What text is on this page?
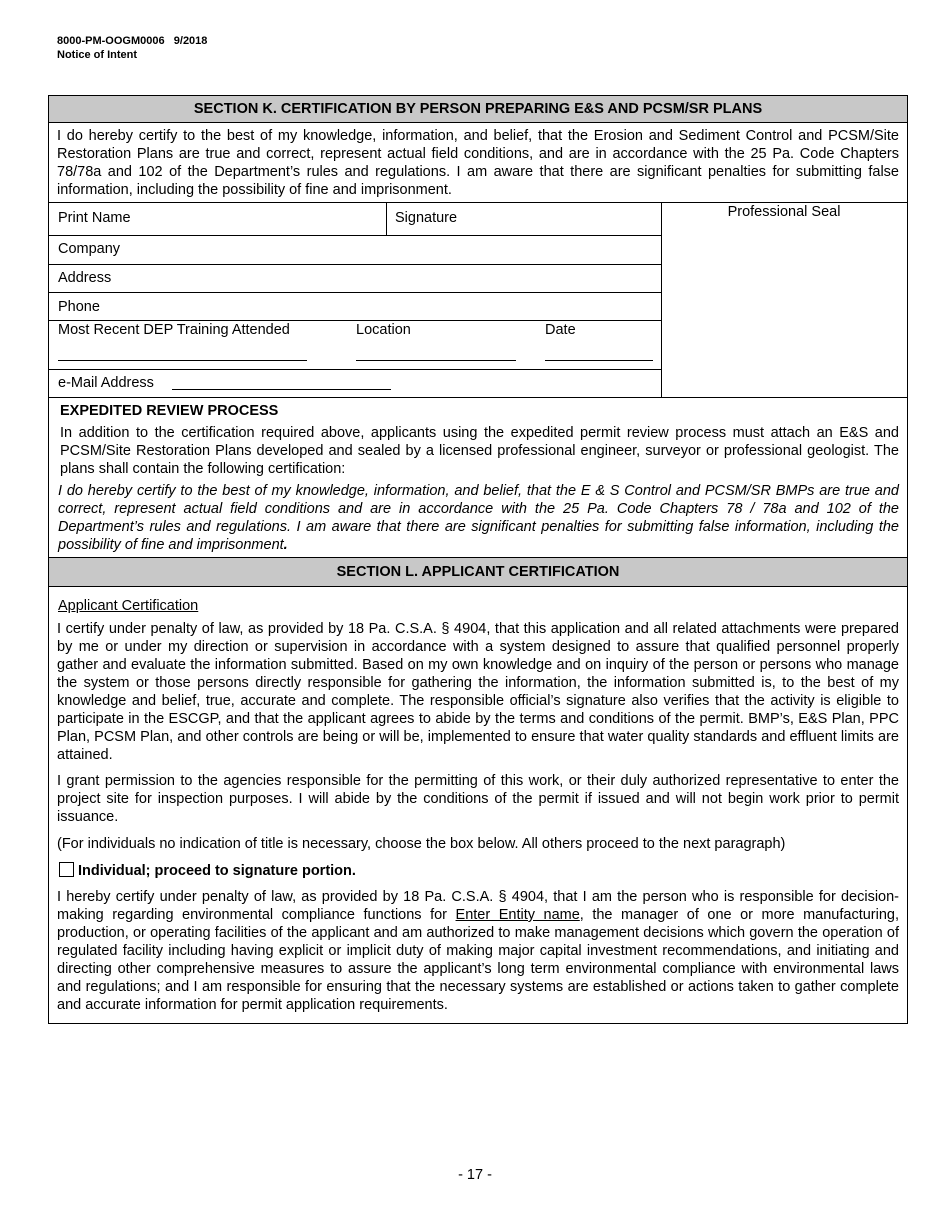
8000-PM-OOGM0006   9/2018
Notice of Intent
SECTION K. CERTIFICATION BY PERSON PREPARING E&S AND PCSM/SR PLANS
I do hereby certify to the best of my knowledge, information, and belief, that the Erosion and Sediment Control and PCSM/Site Restoration Plans are true and correct, represent actual field conditions, and are in accordance with the 25 Pa. Code Chapters 78/78a and 102 of the Department’s rules and regulations. I am aware that there are significant penalties for submitting false information, including the possibility of fine and imprisonment.
Print Name	Signature	Professional Seal
Company
Address
Phone
Most Recent DEP Training Attended	Location	Date
e-Mail Address
EXPEDITED REVIEW PROCESS
In addition to the certification required above, applicants using the expedited permit review process must attach an E&S and PCSM/Site Restoration Plans developed and sealed by a licensed professional engineer, surveyor or professional geologist. The plans shall contain the following certification:
I do hereby certify to the best of my knowledge, information, and belief, that the E & S Control and PCSM/SR BMPs are true and correct, represent actual field conditions and are in accordance with the 25 Pa. Code Chapters 78 / 78a and 102 of the Department’s rules and regulations. I am aware that there are significant penalties for submitting false information, including the possibility of fine and imprisonment.
SECTION L. APPLICANT CERTIFICATION
Applicant Certification
I certify under penalty of law, as provided by 18 Pa. C.S.A. § 4904, that this application and all related attachments were prepared by me or under my direction or supervision in accordance with a system designed to assure that qualified personnel properly gather and evaluate the information submitted. Based on my own knowledge and on inquiry of the person or persons who manage the system or those persons directly responsible for gathering the information, the information submitted is, to the best of my knowledge and belief, true, accurate and complete. The responsible official’s signature also verifies that the activity is eligible to participate in the ESCGP, and that the applicant agrees to abide by the terms and conditions of the permit. BMP’s, E&S Plan, PPC Plan, PCSM Plan, and other controls are being or will be, implemented to ensure that water quality standards and effluent limits are attained.
I grant permission to the agencies responsible for the permitting of this work, or their duly authorized representative to enter the project site for inspection purposes. I will abide by the conditions of the permit if issued and will not begin work prior to permit issuance.
(For individuals no indication of title is necessary, choose the box below. All others proceed to the next paragraph)
Individual; proceed to signature portion.
I hereby certify under penalty of law, as provided by 18 Pa. C.S.A. § 4904, that I am the person who is responsible for decision-making regarding environmental compliance functions for Enter Entity name, the manager of one or more manufacturing, production, or operating facilities of the applicant and am authorized to make management decisions which govern the operation of regulated facility including having explicit or implicit duty of making major capital investment recommendations, and initiating and directing other comprehensive measures to assure the applicant’s long term environmental compliance with environmental laws and regulations; and I am responsible for ensuring that the necessary systems are established or actions taken to gather complete and accurate information for permit application requirements.
- 17 -
